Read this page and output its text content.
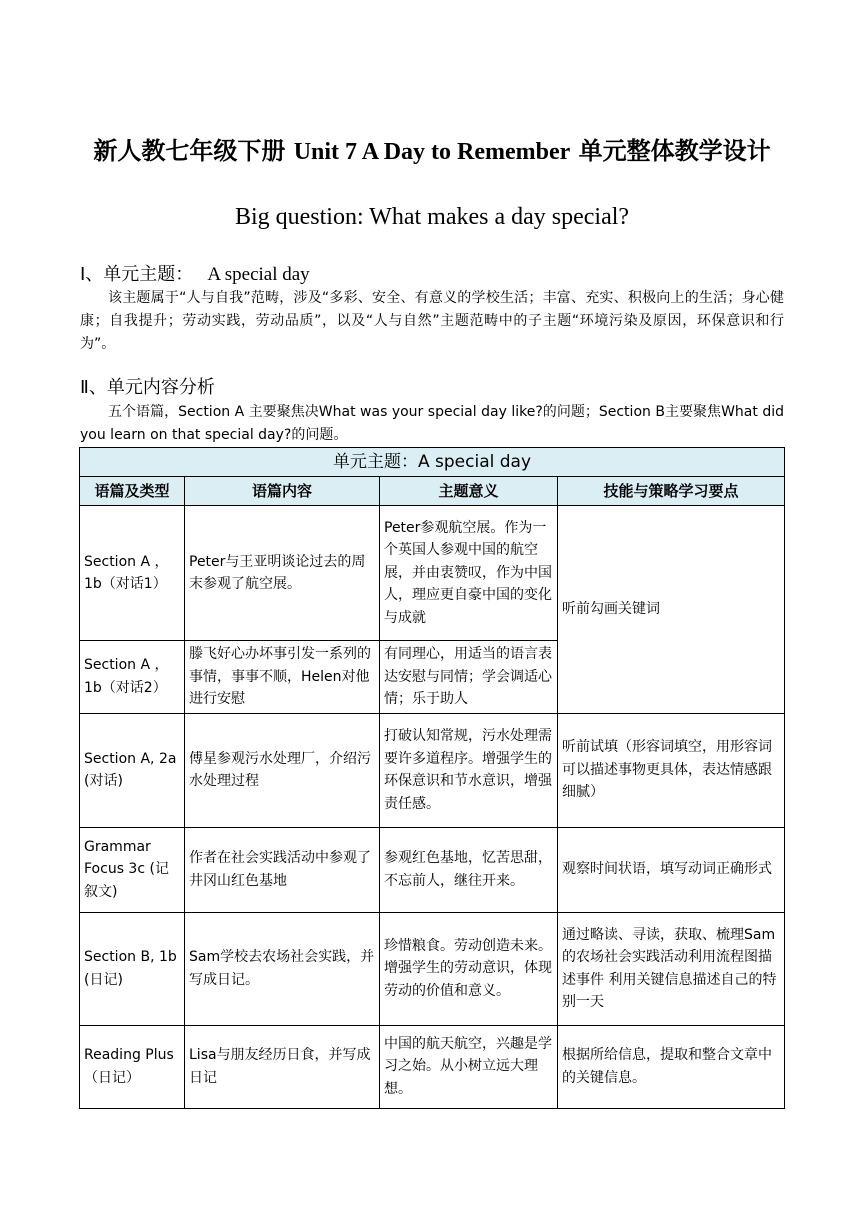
新人教七年级下册 Unit 7 A Day to Remember 单元整体教学设计
Big question: What makes a day special?
Ⅰ、单元主题： A special day
该主题属于“人与自我”范畴，涉及“多彩、安全、有意义的学校生活；丰富、充实、积极向上的生活；身心健康；自我提升；劳动实践，劳动品质”，以及“人与自然”主题范畴中的子主题“环境污染及原因，环保意识和行为”。
Ⅱ、单元内容分析
五个语篇，Section A 主要聚焦决What was your special day like?的问题；Section B主要聚焦What did you learn on that special day?的问题。
单元主题：A special day			
语篇及类型	语篇内容	主题意义	技能与策略学习要点
Section A ，1b（对话1）	Peter与王亚明谈论过去的周末参观了航空展。	Peter参观航空展。作为一个英国人参观中国的航空展，并由衷赞叹，作为中国人，理应更自豪中国的变化与成就	听前勾画关键词
Section A ，1b（对话2）	滕飞好心办坏事引发一系列的事情，事事不顺，Helen对他进行安慰	有同理心，用适当的语言表达安慰与同情；学会调适心情；乐于助人	
Section A, 2a (对话)	傅星参观污水处理厂，介绍污水处理过程	打破认知常规，污水处理需要许多道程序。增强学生的环保意识和节水意识，增强责任感。	听前试填（形容词填空，用形容词可以描述事物更具体，表达情感跟细腻）
Grammar Focus 3c (记叙文)	作者在社会实践活动中参观了井冈山红色基地	参观红色基地，忆苦思甜，不忘前人，继往开来。	观察时间状语，填写动词正确形式
Section B, 1b (日记)	Sam学校去农场社会实践，并写成日记。	珍惜粮食。劳动创造未来。增强学生的劳动意识，体现劳动的价值和意义。	通过略读、寻读，获取、梳理Sam的农场社会实践活动利用流程图描述事件 利用关键信息描述自己的特别一天
Reading Plus（日记）	Lisa与朋友经历日食，并写成日记	中国的航天航空，兴趣是学习之始。从小树立远大理想。	根据所给信息，提取和整合文章中的关键信息。
